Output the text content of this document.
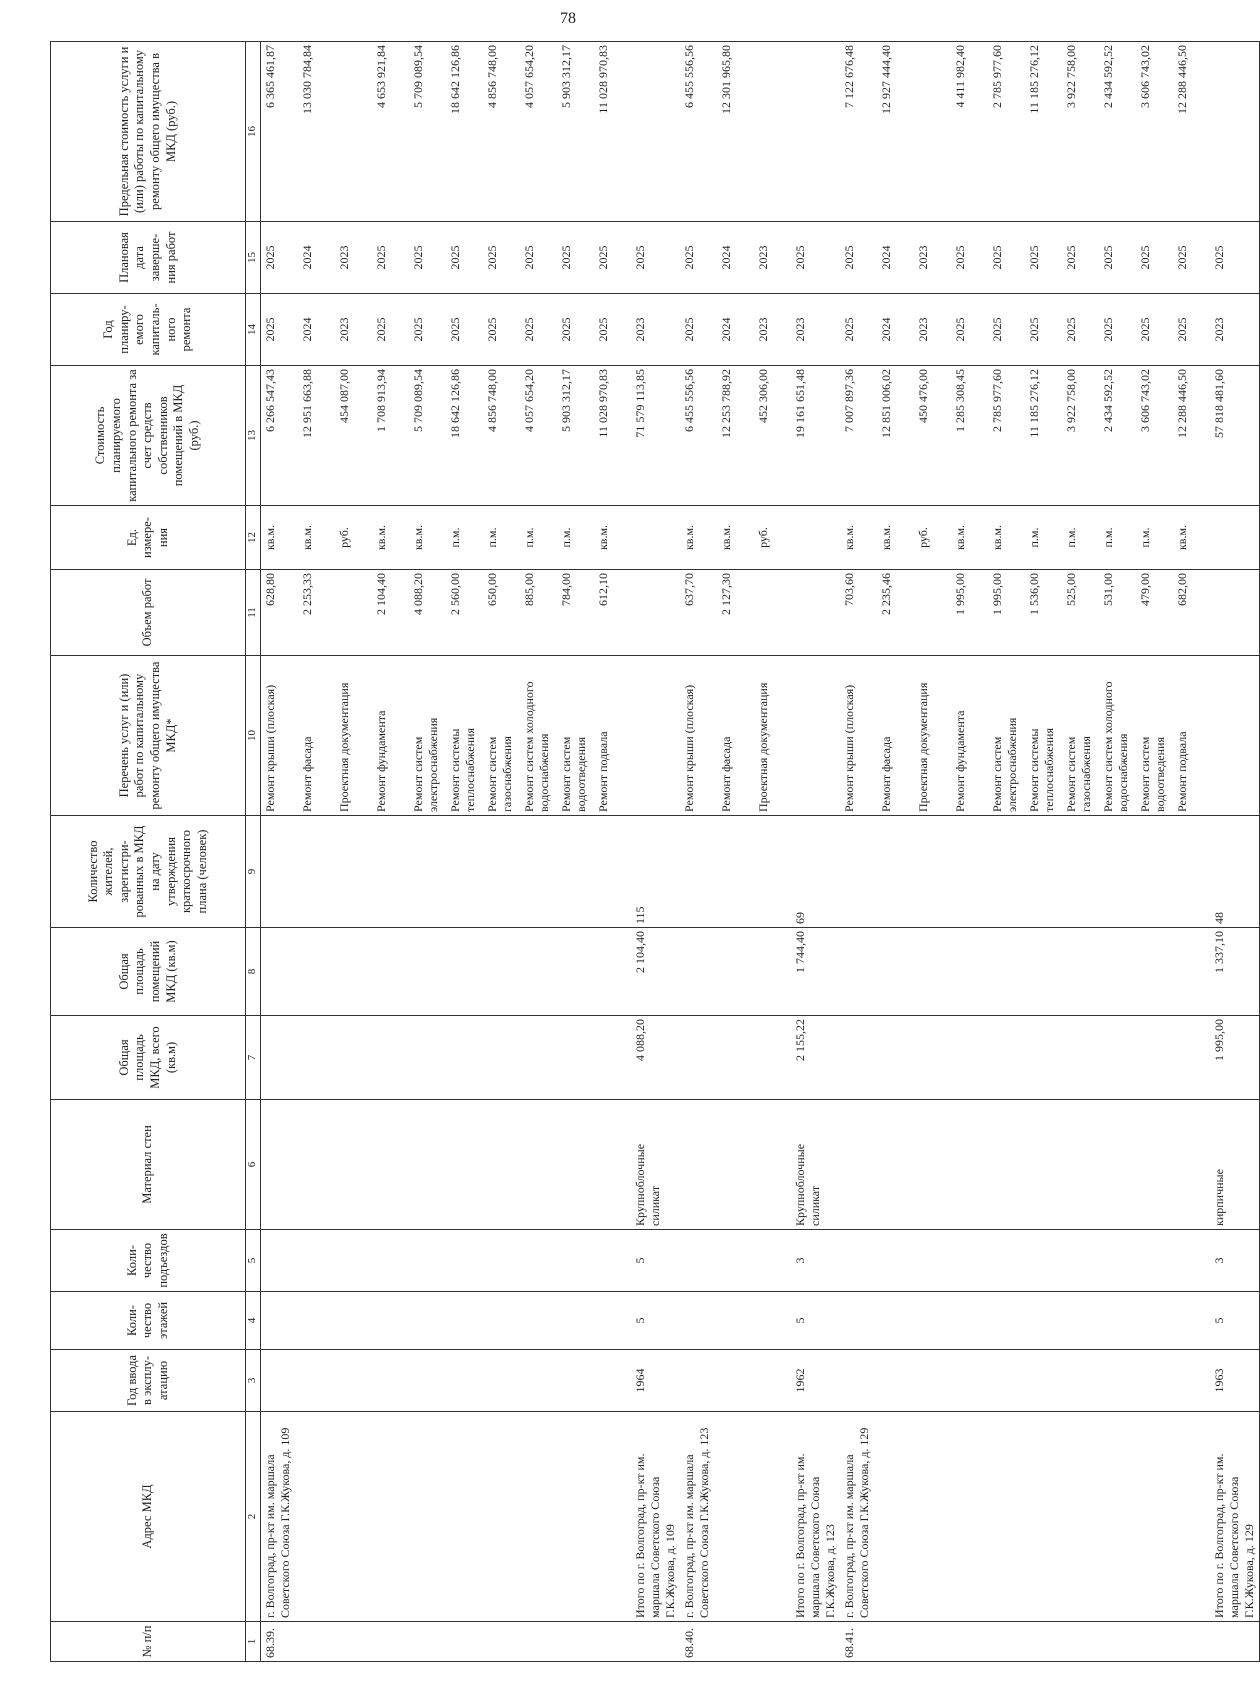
78
№ п/п	Адрес МКД	Год ввода в эксплу-атацию	Коли-чество этажей	Коли-чество подъездов	Материал стен	Общая площадь МКД, всего (кв.м)	Общая площадь помещений МКД (кв.м)	Количество жителей, зарегистри-рованных в МКД на дату утверждения краткосрочного плана (человек)	Перечень услуг и (или) работ по капитальному ремонту общего имущества МКД*	Объем работ	Ед. измере-ния	Стоимость планируемого капитального ремонта за счет средств собственников помещений в МКД (руб.)	Год планиру-емого капиталь-ного ремонта	Плановая дата заверше-ния работ	Предельная стоимость услуги и (или) работы по капитальному ремонту общего имущества в МКД (руб.)
1	2	3	4	5	6	7	8	9	10	11	12	13	14	15	16
68.39.	г. Волгоград, пр-кт им. маршала Советского Союза Г.К.Жукова, д. 109								Ремонт крыши (плоская)	628,80	кв.м.	6 266 547,43	2025	2025	6 365 461,87
									Ремонт фасада	2 253,33	кв.м.	12 951 663,88	2024	2024	13 030 784,84
									Проектная документация		руб.	454 087,00	2023	2023	
									Ремонт фундамента	2 104,40	кв.м.	1 708 913,94	2025	2025	4 653 921,84
									Ремонт систем электроснабжения	4 088,20	кв.м.	5 709 089,54	2025	2025	5 709 089,54
									Ремонт системы теплоснабжения	2 560,00	п.м.	18 642 126,86	2025	2025	18 642 126,86
									Ремонт систем газоснабжения	650,00	п.м.	4 856 748,00	2025	2025	4 856 748,00
									Ремонт систем холодного водоснабжения	885,00	п.м.	4 057 654,20	2025	2025	4 057 654,20
									Ремонт систем водоотведения	784,00	п.м.	5 903 312,17	2025	2025	5 903 312,17
									Ремонт подвала	612,10	кв.м.	11 028 970,83	2025	2025	11 028 970,83
	Итого по г. Волгоград, пр-кт им. маршала Советского Союза Г.К.Жукова, д. 109	1964	5	5	Крупноблочные силикат	4 088,20	2 104,40	115				71 579 113,85	2023	2025	
68.40.	г. Волгоград, пр-кт им. маршала Советского Союза Г.К.Жукова, д. 123								Ремонт крыши (плоская)	637,70	кв.м.	6 455 556,56	2025	2025	6 455 556,56
									Ремонт фасада	2 127,30	кв.м.	12 253 788,92	2024	2024	12 301 965,80
									Проектная документация		руб.	452 306,00	2023	2023	
	Итого по г. Волгоград, пр-кт им. маршала Советского Союза Г.К.Жукова, д. 123	1962	5	3	Крупноблочные силикат	2 155,22	1 744,40	69				19 161 651,48	2023	2025	
68.41.	г. Волгоград, пр-кт им. маршала Советского Союза Г.К.Жукова, д. 129								Ремонт крыши (плоская)	703,60	кв.м.	7 007 897,36	2025	2025	7 122 676,48
									Ремонт фасада	2 235,46	кв.м.	12 851 006,02	2024	2024	12 927 444,40
									Проектная документация		руб.	450 476,00	2023	2023	
									Ремонт фундамента	1 995,00	кв.м.	1 285 308,45	2025	2025	4 411 982,40
									Ремонт систем электроснабжения	1 995,00	кв.м.	2 785 977,60	2025	2025	2 785 977,60
									Ремонт системы теплоснабжения	1 536,00	п.м.	11 185 276,12	2025	2025	11 185 276,12
									Ремонт систем газоснабжения	525,00	п.м.	3 922 758,00	2025	2025	3 922 758,00
									Ремонт систем холодного водоснабжения	531,00	п.м.	2 434 592,52	2025	2025	2 434 592,52
									Ремонт систем водоотведения	479,00	п.м.	3 606 743,02	2025	2025	3 606 743,02
									Ремонт подвала	682,00	кв.м.	12 288 446,50	2025	2025	12 288 446,50
	Итого по г. Волгоград, пр-кт им. маршала Советского Союза Г.К.Жукова, д. 129	1963	5	3	кирпичные	1 995,00	1 337,10	48				57 818 481,60	2023	2025	
